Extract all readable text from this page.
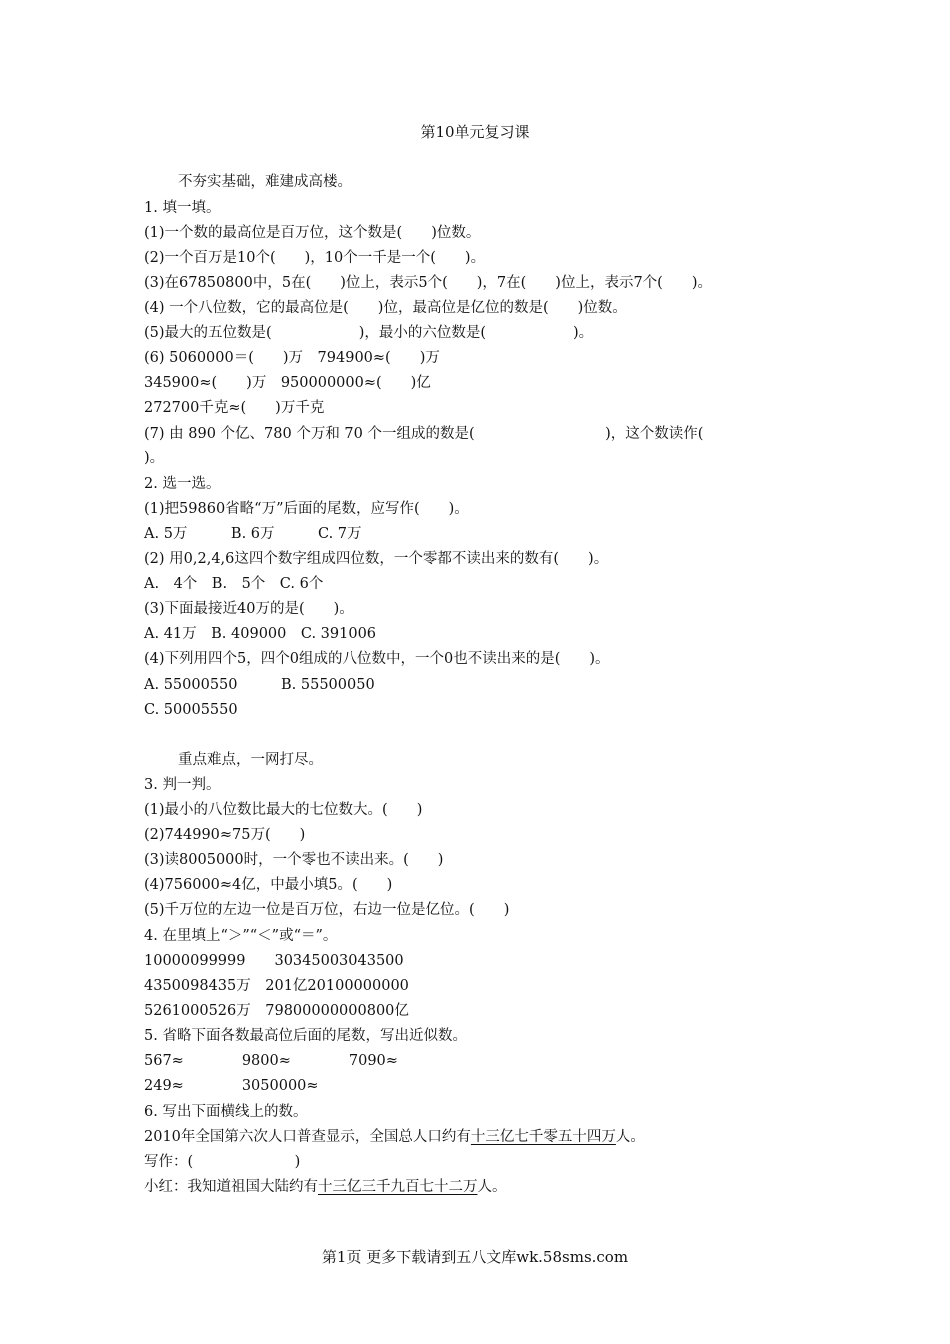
第10单元复习课
不夯实基础，难建成高楼。
1. 填一填。
(1)一个数的最高位是百万位，这个数是(　　)位数。
(2)一个百万是10个(　　)，10个一千是一个(　　)。
(3)在67850800中，5在(　　)位上，表示5个(　　)，7在(　　)位上，表示7个(　　)。
(4) 一个八位数，它的最高位是(　　)位，最高位是亿位的数是(　　)位数。
(5)最大的五位数是(　　　　　　)，最小的六位数是(　　　　　　)。
(6) 5060000＝(　　)万　794900≈(　　)万
345900≈(　　)万　950000000≈(　　)亿
272700千克≈(　　)万千克
(7) 由 890 个亿、780 个万和 70 个一组成的数是(　　　　　　　　　)，这个数读作(
)。
2. 选一选。
(1)把59860省略“万”后面的尾数，应写作(　　)。
A. 5万　　　B. 6万　　　C. 7万
(2) 用0,2,4,6这四个数字组成四位数，一个零都不读出来的数有(　　)。
A.　4个　B.　5个　C. 6个
(3)下面最接近40万的是(　　)。
A. 41万　B. 409000　C. 391006
(4)下列用四个5，四个0组成的八位数中，一个0也不读出来的是(　　)。
A. 55000550　　　B. 55500050
C. 50005550
重点难点，一网打尽。
3. 判一判。
(1)最小的八位数比最大的七位数大。(　　)
(2)744990≈75万(　　)
(3)读8005000时，一个零也不读出来。(　　)
(4)756000≈4亿，中最小填5。(　　)
(5)千万位的左边一位是百万位，右边一位是亿位。(　　)
4. 在里填上“＞”“＜”或“＝”。
10000099999　　30345003043500
4350098435万　201亿20100000000
5261000526万　79800000000800亿
5. 省略下面各数最高位后面的尾数，写出近似数。
567≈　　　　9800≈　　　　7090≈
249≈　　　　3050000≈
6. 写出下面横线上的数。
2010年全国第六次人口普查显示，全国总人口约有十三亿七千零五十四万人。
写作：(　　　　　　　)
小红：我知道祖国大陆约有十三亿三千九百七十二万人。
第1页 更多下载请到五八文库wk.58sms.com
